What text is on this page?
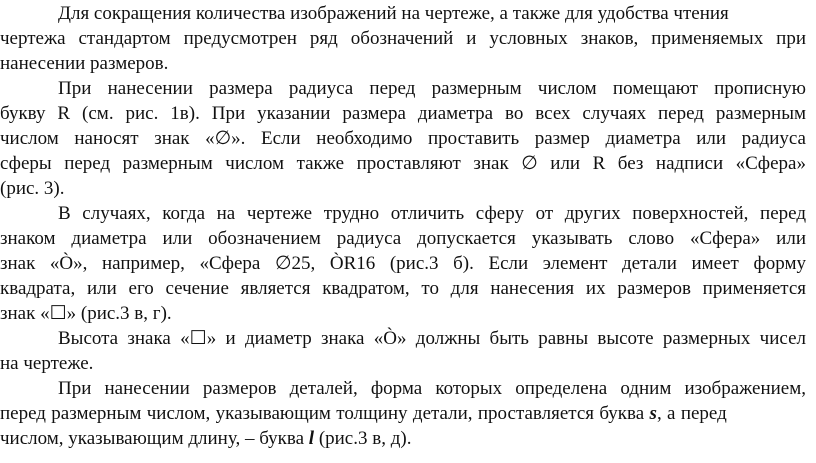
Для сокращения количества изображений на чертеже, а также для удобства чтения
чертежа стандартом предусмотрен ряд обозначений и условных знаков, применяемых при
нанесении размеров.
При нанесении размера радиуса перед размерным числом помещают прописную
букву R (см. рис. 1в). При указании размера диаметра во всех случаях перед размерным
числом наносят знак «∅». Если необходимо проставить размер диаметра или радиуса
сферы перед размерным числом также проставляют знак ∅ или R без надписи «Сфера»
(рис. 3).
В случаях, когда на чертеже трудно отличить сферу от других поверхностей, перед
знаком диаметра или обозначением радиуса допускается указывать слово «Сфера» или
знак «Ò», например, «Сфера ∅25, ÒR16 (рис.3 б). Если элемент детали имеет форму
квадрата, или его сечение является квадратом, то для нанесения их размеров применяется
знак «☐» (рис.3 в, г).
Высота знака «☐» и диаметр знака «Ò» должны быть равны высоте размерных чисел
на чертеже.
При нанесении размеров деталей, форма которых определена одним изображением,
перед размерным числом, указывающим толщину детали, проставляется буква s, а перед
числом, указывающим длину, – буква l (рис.3 в, д).
